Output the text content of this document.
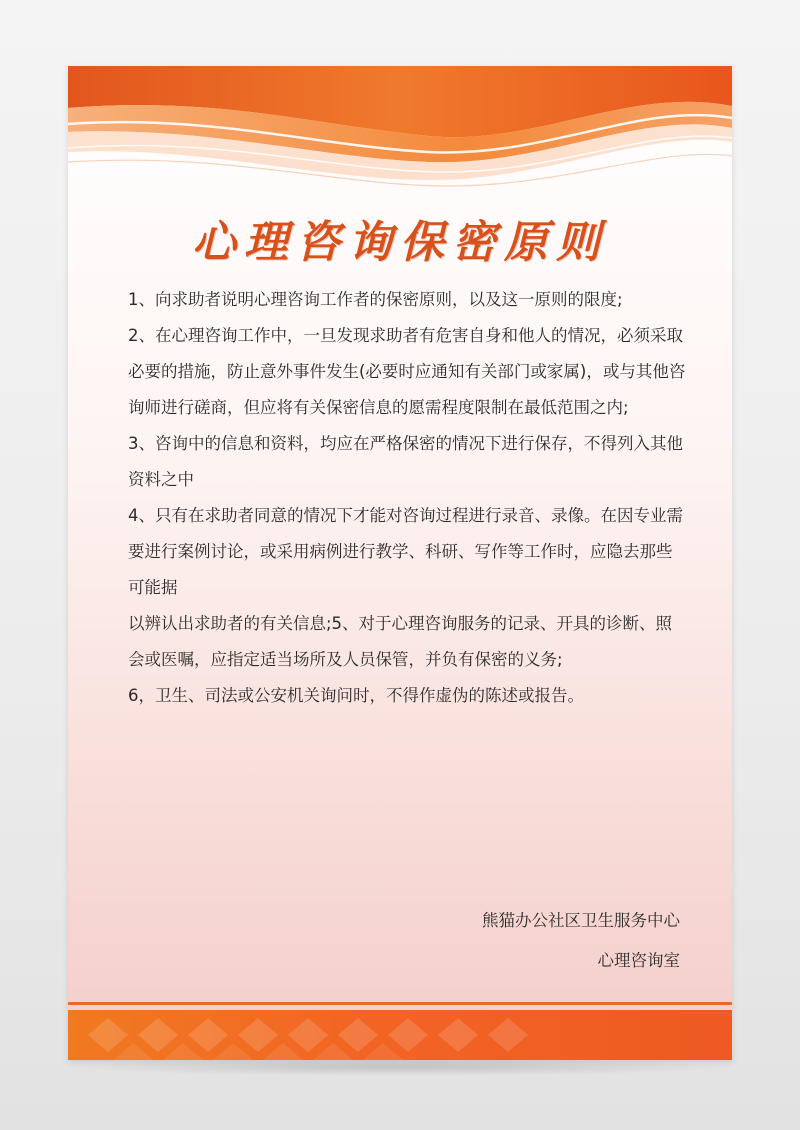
心理咨询保密原则

1、向求助者说明心理咨询工作者的保密原则，以及这一原则的限度;

2、在心理咨询工作中，一旦发现求助者有危害自身和他人的情况，必须采取必要的措施，防止意外事件发生(必要时应通知有关部门或家属)，或与其他咨询师进行磋商，但应将有关保密信息的愿需程度限制在最低范围之内;

3、咨询中的信息和资料，均应在严格保密的情况下进行保存，不得列入其他资料之中

4、只有在求助者同意的情况下才能对咨询过程进行录音、录像。在因专业需要进行案例讨论，或采用病例进行教学、科研、写作等工作时，应隐去那些可能据

以辨认出求助者的有关信息;5、对于心理咨询服务的记录、开具的诊断、照会或医嘱，应指定适当场所及人员保管，并负有保密的义务;

6，卫生、司法或公安机关询问时，不得作虚伪的陈述或报告。

熊猫办公社区卫生服务中心
心理咨询室
